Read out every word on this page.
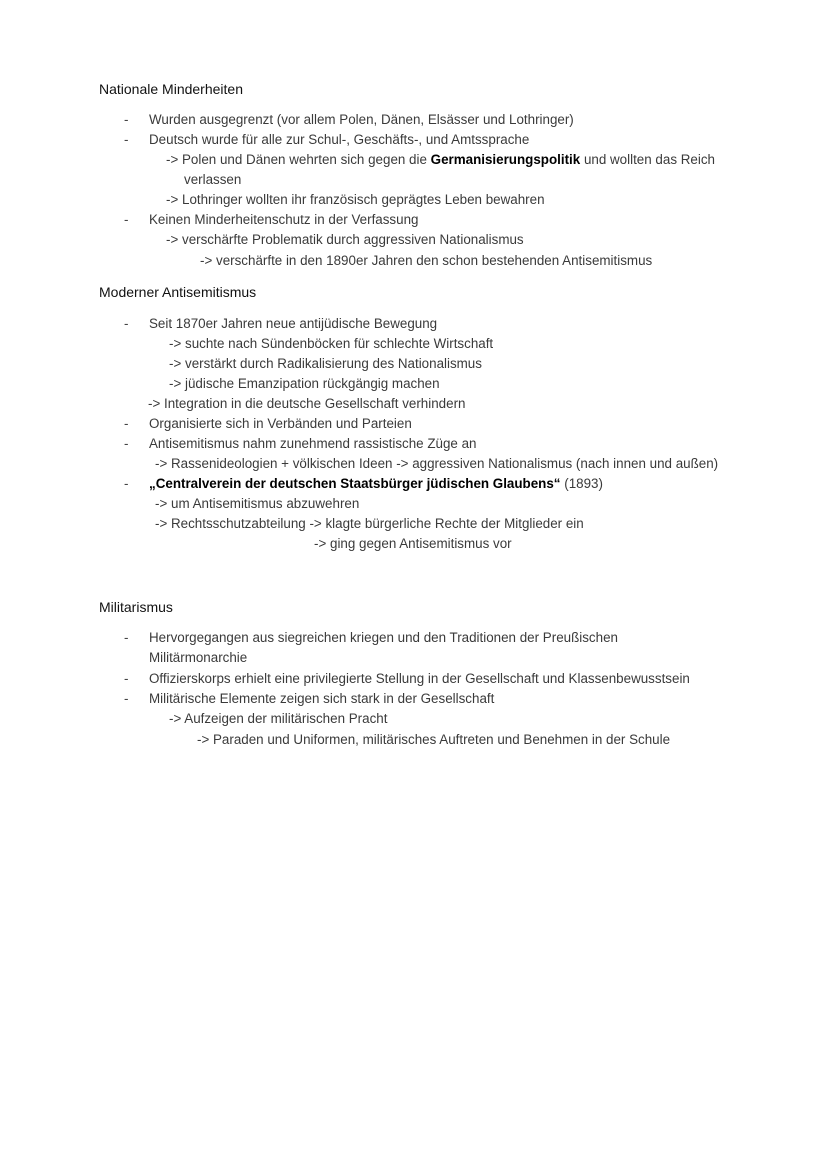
Nationale Minderheiten
- Wurden ausgegrenzt (vor allem Polen, Dänen, Elsässer und Lothringer)
- Deutsch wurde für alle zur Schul-, Geschäfts-, und Amtssprache
-> Polen und Dänen wehrten sich gegen die Germanisierungspolitik und wollten das Reich
verlassen
-> Lothringer wollten ihr französisch geprägtes Leben bewahren
- Keinen Minderheitenschutz in der Verfassung
-> verschärfte Problematik durch aggressiven Nationalismus
-> verschärfte in den 1890er Jahren den schon bestehenden Antisemitismus
Moderner Antisemitismus
- Seit 1870er Jahren neue antijüdische Bewegung
-> suchte nach Sündenböcken für schlechte Wirtschaft
-> verstärkt durch Radikalisierung des Nationalismus
-> jüdische Emanzipation rückgängig machen
-> Integration in die deutsche Gesellschaft verhindern
- Organisierte sich in Verbänden und Parteien
- Antisemitismus nahm zunehmend rassistische Züge an
-> Rassenideologien + völkischen Ideen -> aggressiven Nationalismus (nach innen und außen)
- „Centralverein der deutschen Staatsbürger jüdischen Glaubens“ (1893)
-> um Antisemitismus abzuwehren
-> Rechtsschutzabteilung -> klagte bürgerliche Rechte der Mitglieder ein
-> ging gegen Antisemitismus vor
Militarismus
- Hervorgegangen aus siegreichen kriegen und den Traditionen der Preußischen
Militärmonarchie
- Offizierskorps erhielt eine privilegierte Stellung in der Gesellschaft und Klassenbewusstsein
- Militärische Elemente zeigen sich stark in der Gesellschaft
-> Aufzeigen der militärischen Pracht
-> Paraden und Uniformen, militärisches Auftreten und Benehmen in der Schule
